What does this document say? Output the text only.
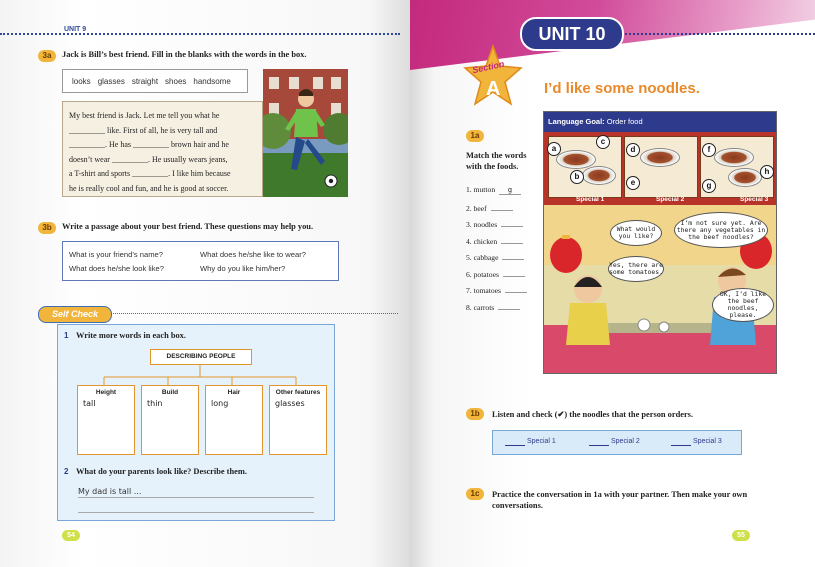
UNIT 9
3a	Jack is Bill’s best friend. Fill in the blanks with the words in the box.
looks glasses straight shoes handsome
My best friend is Jack. Let me tell you what he
_________ like. First of all, he is very tall and
_________. He has _________ brown hair and he
doesn’t wear _________. He usually wears jeans,
a T-shirt and sports _________. I like him because
he is really cool and fun, and he is good at soccer.
3b	Write a passage about your best friend. These questions may help you.
What is your friend’s name?	What does he/she like to wear?
What does he/she look like?	Why do you like him/her?
Self Check
1 Write more words in each box.
DESCRIBING PEOPLE
Height
tall
Build
thin
Hair
long
Other features
glasses
2 What do your parents look like? Describe them.
My dad is tall ...
54
UNIT 10
Section
A	I’d like some noodles.
1a
Match the words with the foods.
1. mutton g
2. beef
3. noodles
4. chicken
5. cabbage
6. potatoes
7. tomatoes
8. carrots
Language Goal: Order food
a
b
c
d
e
f
g
h
Special 1	Special 2	Special 3
What would you like?
I’m not sure yet. Are there any vegetables in the beef noodles?
Yes, there are some tomatoes.
OK, I’d like the beef noodles, please.
1b	Listen and check (✔) the noodles that the person orders.
Special 1	Special 2	Special 3
1c	Practice the conversation in 1a with your partner. Then make your own conversations.
55
